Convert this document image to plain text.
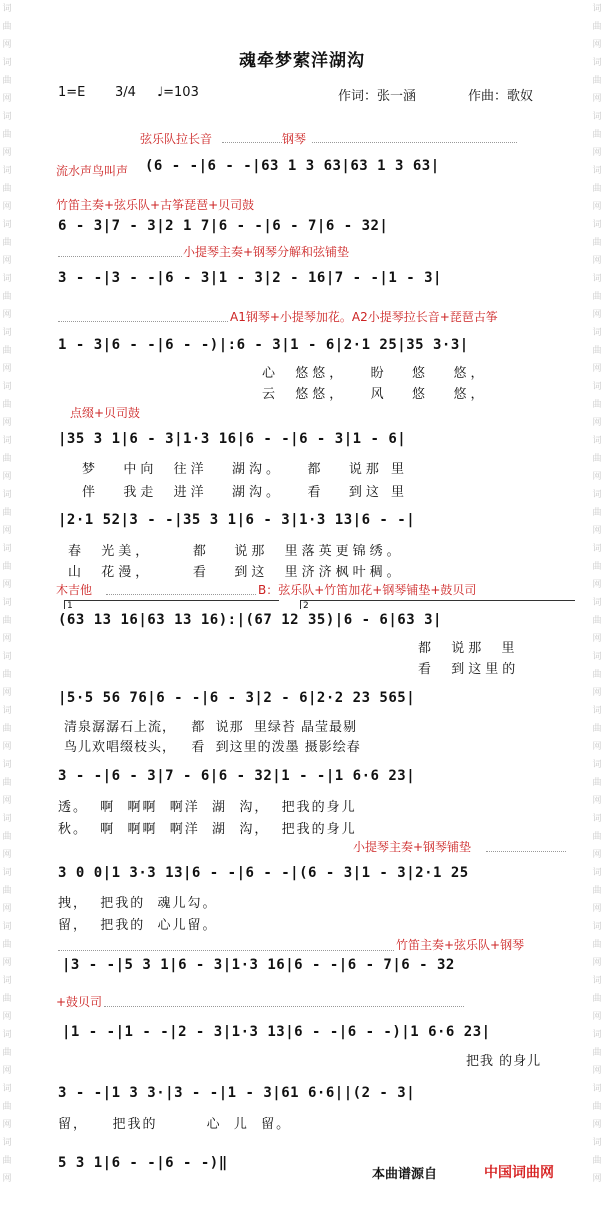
词曲网词曲网词曲网词曲网词曲网词曲网词曲网词曲网词曲网词曲网词曲网词曲网词曲网词曲网词曲网词曲网词曲网词曲网词曲网词曲网词曲网词曲网
词曲网词曲网词曲网词曲网词曲网词曲网词曲网词曲网词曲网词曲网词曲网词曲网词曲网词曲网词曲网词曲网词曲网词曲网词曲网词曲网词曲网词曲网
魂牵梦萦洋湖沟
1=E 3/4 ♩=103	作词：张一涵	作曲：歌奴
弦乐队拉长音	钢琴
流水声鸟叫声 (6 - -|6 - -|63 1 3 63|63 1 3 63|
竹笛主奏+弦乐队+古筝琵琶+贝司鼓
6 - 3|7 - 3|2 1 7|6 - -|6 - 7|6 - 32|
小提琴主奏+钢琴分解和弦铺垫
3 - -|3 - -|6 - 3|1 - 3|2 - 16|7 - -|1 - 3|
A1钢琴+小提琴加花。A2小提琴拉长音+琵琶古筝
1 - 3|6 - -|6 - -)|:6 - 3|1 - 6|2·1 25|35 3·3|
心  悠悠，   盼   悠   悠，
云  悠悠，   风   悠   悠，
点缀+贝司鼓
|35 3 1|6 - 3|1·3 16|6 - -|6 - 3|1 - 6|
梦   中向  往洋   湖沟。   都   说那 里
伴   我走  进洋   湖沟。   看   到这 里
|2·1 52|3 - -|35 3 1|6 - 3|1·3 13|6 - -|
春  光美，     都   说那  里落英更锦绣。
山  花漫，     看   到这  里济济枫叶稠。
木吉他	B：弦乐队+竹笛加花+钢琴铺垫+鼓贝司
1	2
(63 13 16|63 13 16):|(67 12 35)|6 - 6|63 3|
都  说那  里
看  到这里的
|5·5 56 76|6 - -|6 - 3|2 - 6|2·2 23 565|
清泉潺潺石上流，   都  说那  里绿苔 晶莹最剔
鸟儿欢唱缀枝头，   看  到这里的泼墨 摄影绘春
3 - -|6 - 3|7 - 6|6 - 32|1 - -|1 6·6 23|
透。  啊  啊啊  啊洋  湖  沟，  把我的身儿
秋。  啊  啊啊  啊洋  湖  沟，  把我的身儿
小提琴主奏+钢琴铺垫
3 0 0|1 3·3 13|6 - -|6 - -|(6 - 3|1 - 3|2·1 25
拽，  把我的  魂儿勾。
留，  把我的  心儿留。
竹笛主奏+弦乐队+钢琴
|3 - -|5 3 1|6 - 3|1·3 16|6 - -|6 - 7|6 - 32
+鼓贝司
|1 - -|1 - -|2 - 3|1·3 13|6 - -|6 - -)|1 6·6 23|
把我 的身儿
3 - -|1 3 3·|3 - -|1 - 3|61 6·6||(2 - 3|
留，    把我的        心  儿  留。
5 3 1|6 - -|6 - -)‖
本曲谱源自	中国词曲网
